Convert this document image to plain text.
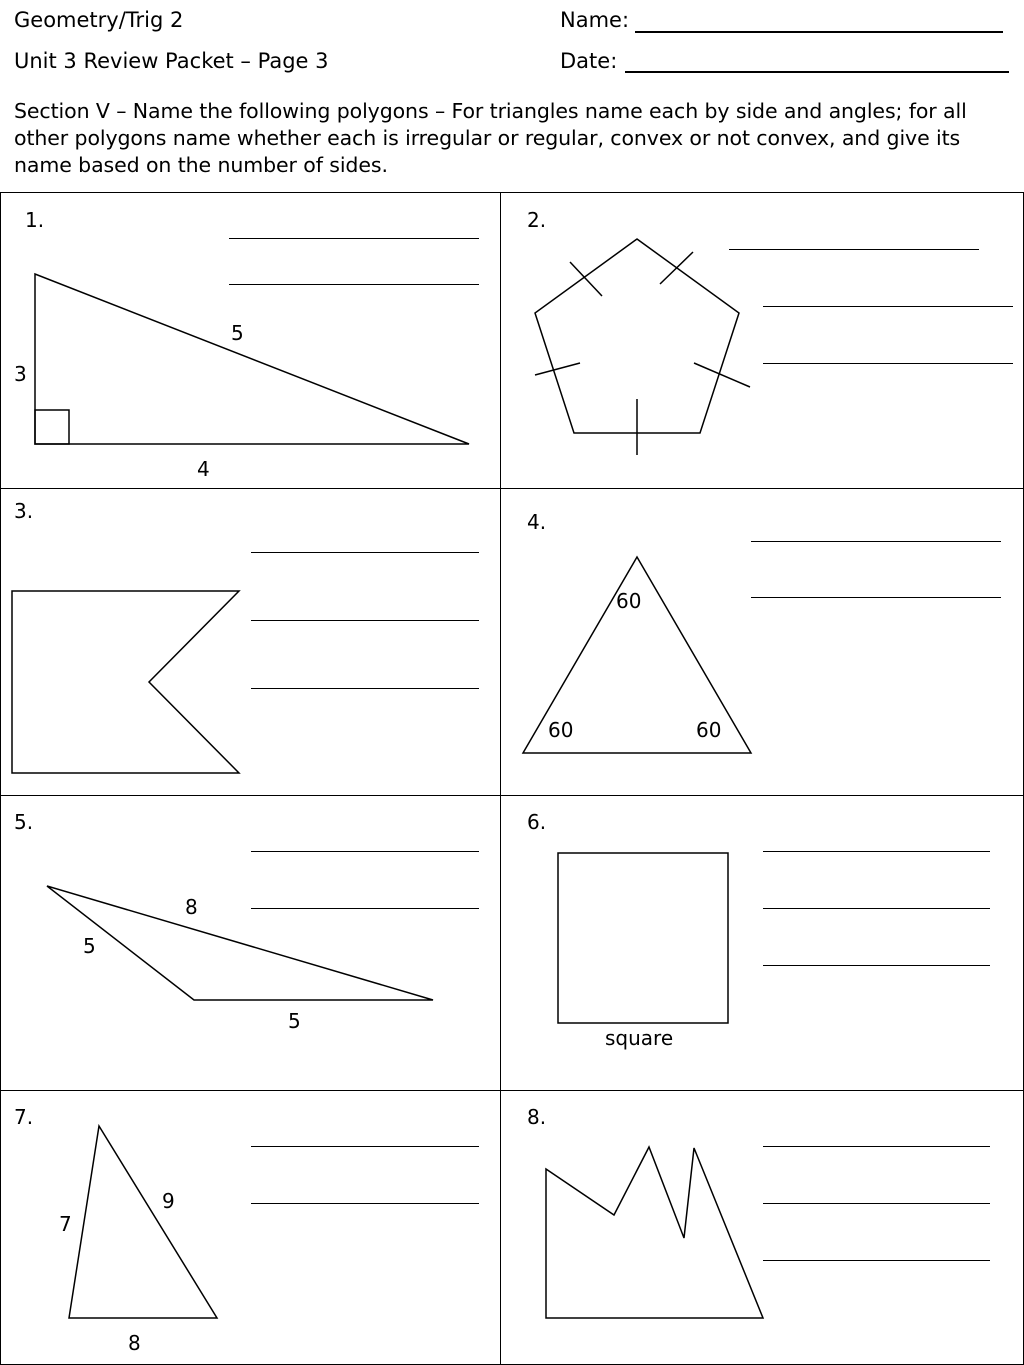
Geometry/Trig 2
Unit 3 Review Packet – Page 3
Name:
Date:
Section V – Name the following polygons – For triangles name each by side and angles; for all other polygons name whether each is irregular or regular, convex or not convex, and give its name based on the number of sides.
1.
5
3
4
2.
3.	4.
60
60	60
5.
8
5
5
6.
square
7.
9
7
8
8.
